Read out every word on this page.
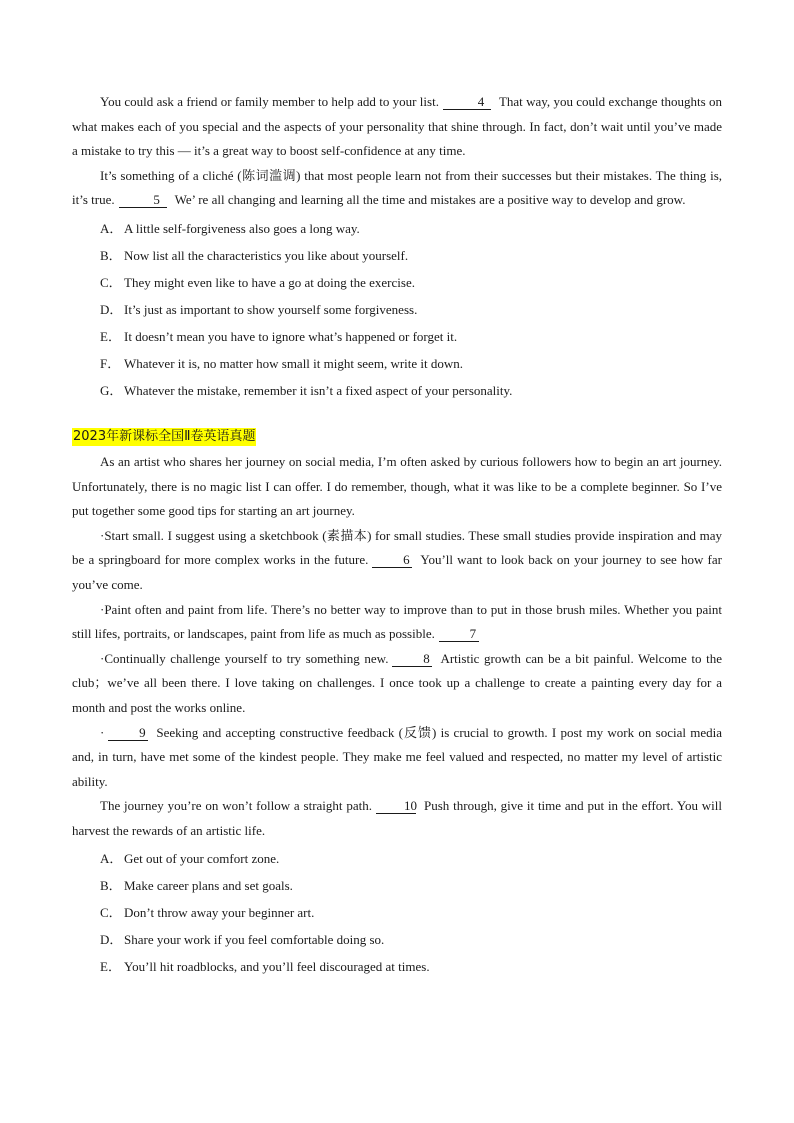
You could ask a friend or family member to help add to your list.	4 That way, you could exchange thoughts on what makes each of you special and the aspects of your personality that shine through. In fact, don’t wait until you’ve made a mistake to try this — it’s a great way to boost self-confidence at any time.

It’s something of a cliché (陈词滥调) that most people learn not from their successes but their mistakes. The thing is, it’s true.	5 We’ re all changing and learning all the time and mistakes are a positive way to develop and grow.

A． A little self-forgiveness also goes a long way.
B． Now list all the characteristics you like about yourself.
C． They might even like to have a go at doing the exercise.
D． It’s just as important to show yourself some forgiveness.
E． It doesn’t mean you have to ignore what’s happened or forget it.
F． Whatever it is, no matter how small it might seem, write it down.
G． Whatever the mistake, remember it isn’t a fixed aspect of your personality.
2023年新课标全国Ⅱ卷英语真题

As an artist who shares her journey on social media, I’m often asked by curious followers how to begin an art journey. Unfortunately, there is no magic list I can offer. I do remember, though, what it was like to be a complete beginner. So I’ve put together some good tips for starting an art journey.

·Start small. I suggest using a sketchbook (素描本) for small studies. These small studies provide inspiration and may be a springboard for more complex works in the future.	6 You’ll want to look back on your journey to see how far you’ve come.

·Paint often and paint from life. There’s no better way to improve than to put in those brush miles. Whether you paint still lifes, portraits, or landscapes, paint from life as much as possible.	7

·Continually challenge yourself to try something new.	8 Artistic growth can be a bit painful. Welcome to the club；we’ve all been there. I love taking on challenges. I once took up a challenge to create a painting every day for a month and post the works online.

·	9 Seeking and accepting constructive feedback (反馈) is crucial to growth. I post my work on social media and, in turn, have met some of the kindest people. They make me feel valued and respected, no matter my level of artistic ability.

The journey you’re on won’t follow a straight path. 10 Push through, give it time and put in the effort. You will harvest the rewards of an artistic life.

A． Get out of your comfort zone.
B． Make career plans and set goals.
C． Don’t throw away your beginner art.
D． Share your work if you feel comfortable doing so.
E． You’ll hit roadblocks, and you’ll feel discouraged at times.
